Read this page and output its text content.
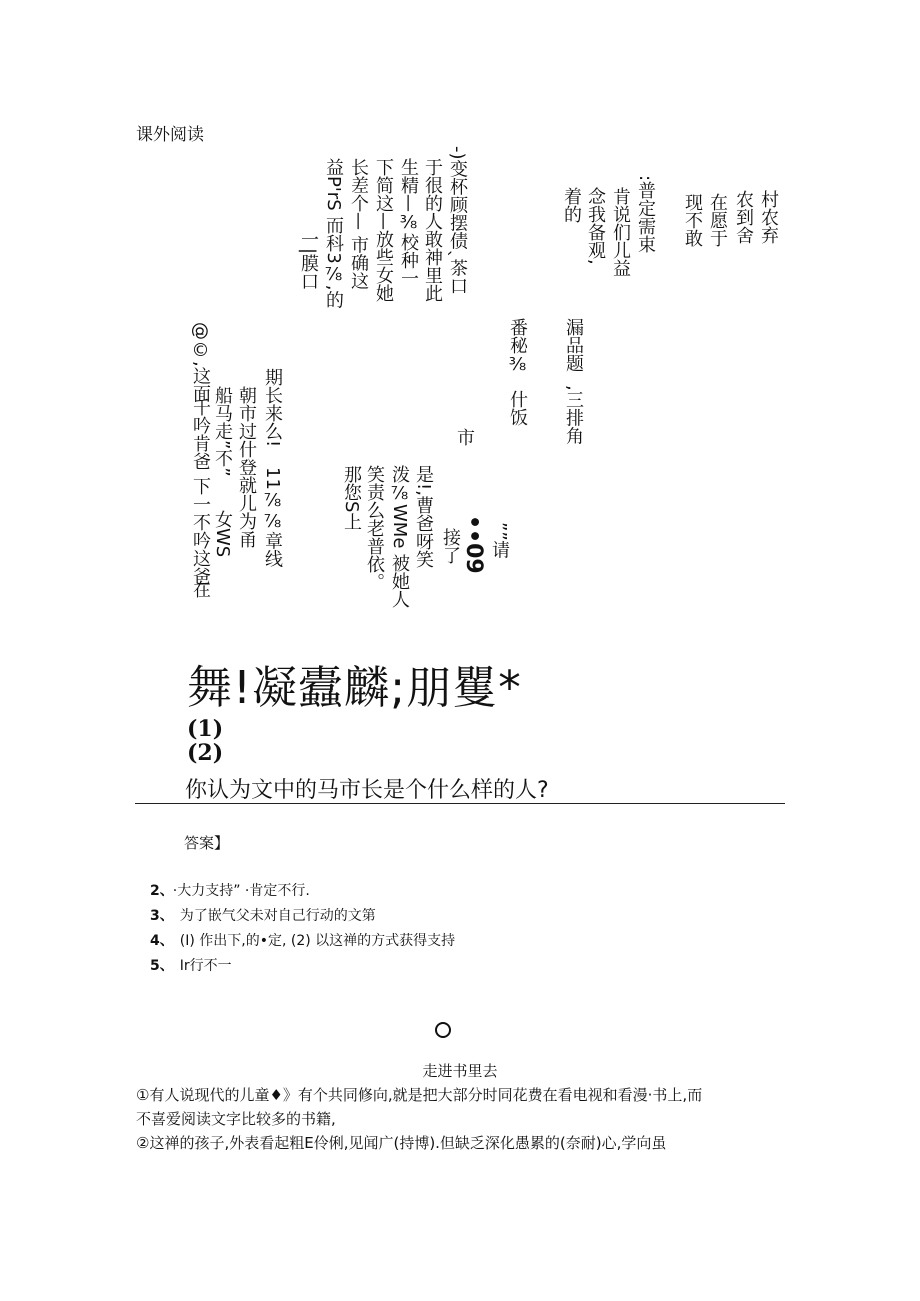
课外阅读
-)变杯顾摆债ˎ茶口
于很的人敢神里此
生精—⅜校种一
下简这—放些女她
长差个— 市确这
益P'rS 而科3⅞,的
一|膜口
:普定需束
肯说们儿益
念我备观,
着的	现不敢 在愿于 农到舍 村农弃
番秘⅜
什饭
漏品题
,三排角
@©,这面
千吟肯爸
下一不吟这爸
在
期长来么!
朝市过什登就儿为甬
船马走”不”
女WS 11⅞⅞章线
市
那您S上 笑责么老普依。 泼⅞WMe 被她人 是!,曹爸呀笑 接了 ••09 ””请
舞!凝蠹麟;朋矍*
(1)
(2)
你认为文中的马市长是个什么样的人?
答案】
2、 ·大力支持” ·肯定不行.
3、 为了嵌气父未对自己行动的文第
4、 (I) 作出下,的•定, (2) 以这禅的方式获得支持
5、 Ir行不一
走进书里去
①有人说现代的儿童♦》有个共同修向,就是把大部分时同花费在看电视和看漫·书上,而
不喜爱阅读文字比较多的书籍,
②这禅的孩子,外表看起粗E伶俐,见闻广(持博).但缺乏深化愚累的(奈耐)心,学向虽
